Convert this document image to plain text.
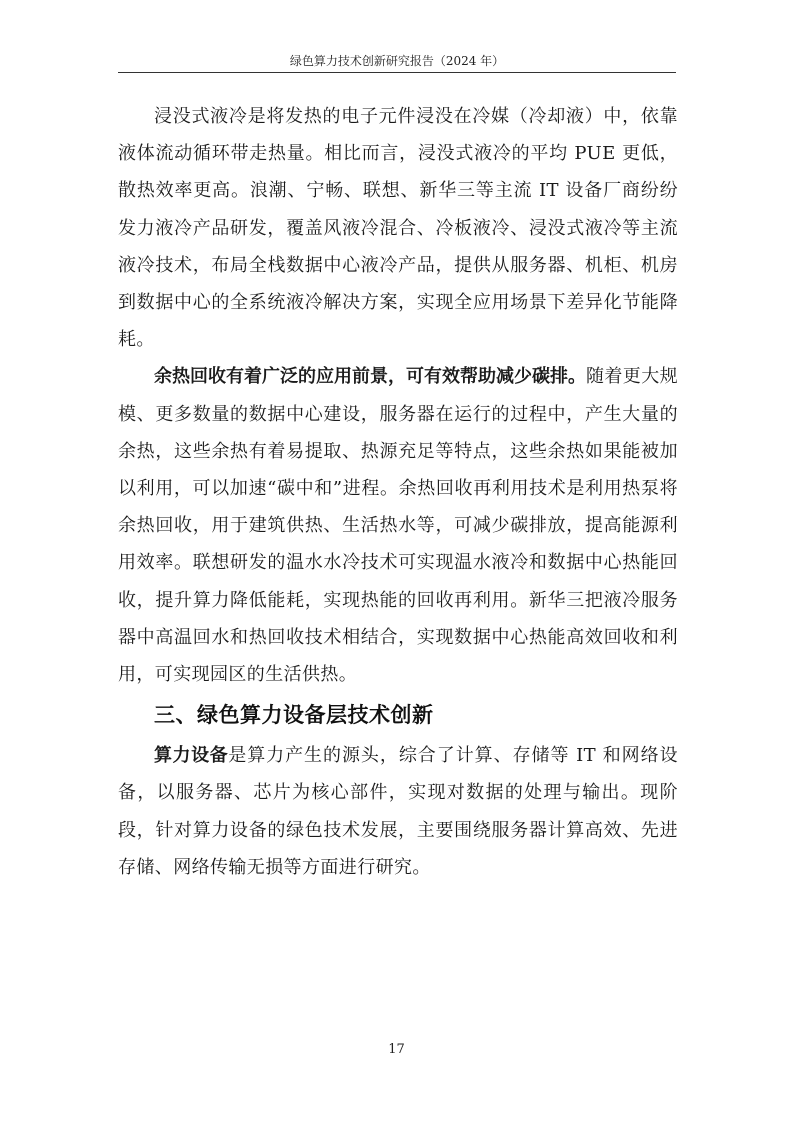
绿色算力技术创新研究报告（2024 年）

浸没式液冷是将发热的电子元件浸没在冷媒（冷却液）中，依靠液体流动循环带走热量。相比而言，浸没式液冷的平均 PUE 更低，散热效率更高。浪潮、宁畅、联想、新华三等主流 IT 设备厂商纷纷发力液冷产品研发，覆盖风液冷混合、冷板液冷、浸没式液冷等主流液冷技术，布局全栈数据中心液冷产品，提供从服务器、机柜、机房到数据中心的全系统液冷解决方案，实现全应用场景下差异化节能降耗。

余热回收有着广泛的应用前景，可有效帮助减少碳排。随着更大规模、更多数量的数据中心建设，服务器在运行的过程中，产生大量的余热，这些余热有着易提取、热源充足等特点，这些余热如果能被加以利用，可以加速“碳中和”进程。余热回收再利用技术是利用热泵将余热回收，用于建筑供热、生活热水等，可减少碳排放，提高能源利用效率。联想研发的温水水冷技术可实现温水液冷和数据中心热能回收，提升算力降低能耗，实现热能的回收再利用。新华三把液冷服务器中高温回水和热回收技术相结合，实现数据中心热能高效回收和利用，可实现园区的生活供热。

三、绿色算力设备层技术创新

算力设备是算力产生的源头，综合了计算、存储等 IT 和网络设备，以服务器、芯片为核心部件，实现对数据的处理与输出。现阶段，针对算力设备的绿色技术发展，主要围绕服务器计算高效、先进存储、网络传输无损等方面进行研究。

17
